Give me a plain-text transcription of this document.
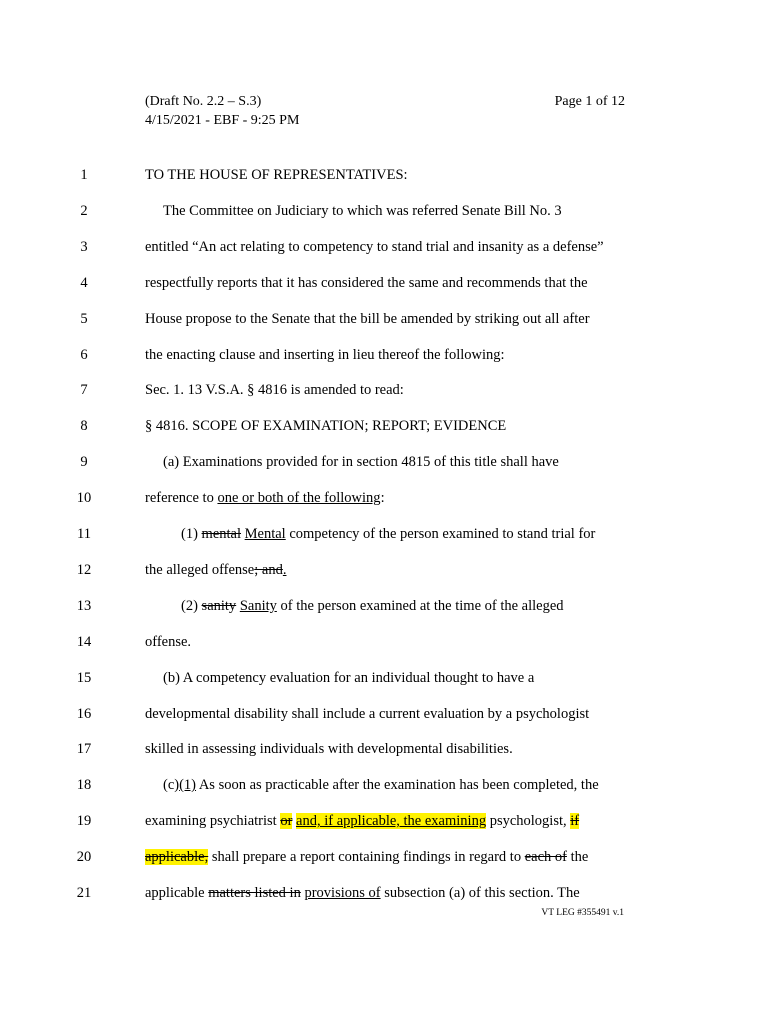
(Draft No. 2.2 – S.3)
4/15/2021 - EBF - 9:25 PM
Page 1 of 12
1	TO THE HOUSE OF REPRESENTATIVES:
2	The Committee on Judiciary to which was referred Senate Bill No. 3
3	entitled “An act relating to competency to stand trial and insanity as a defense”
4	respectfully reports that it has considered the same and recommends that the
5	House propose to the Senate that the bill be amended by striking out all after
6	the enacting clause and inserting in lieu thereof the following:
7	Sec. 1. 13 V.S.A. § 4816 is amended to read:
8	§ 4816. SCOPE OF EXAMINATION; REPORT; EVIDENCE
9	(a) Examinations provided for in section 4815 of this title shall have
10	reference to one or both of the following:
11	(1) mental Mental competency of the person examined to stand trial for
12	the alleged offense; and.
13	(2) sanity Sanity of the person examined at the time of the alleged
14	offense.
15	(b) A competency evaluation for an individual thought to have a
16	developmental disability shall include a current evaluation by a psychologist
17	skilled in assessing individuals with developmental disabilities.
18	(c)(1) As soon as practicable after the examination has been completed, the
19	examining psychiatrist or and, if applicable, the examining psychologist, if
20	applicable, shall prepare a report containing findings in regard to each of the
21	applicable matters listed in provisions of subsection (a) of this section. The
VT LEG #355491 v.1
